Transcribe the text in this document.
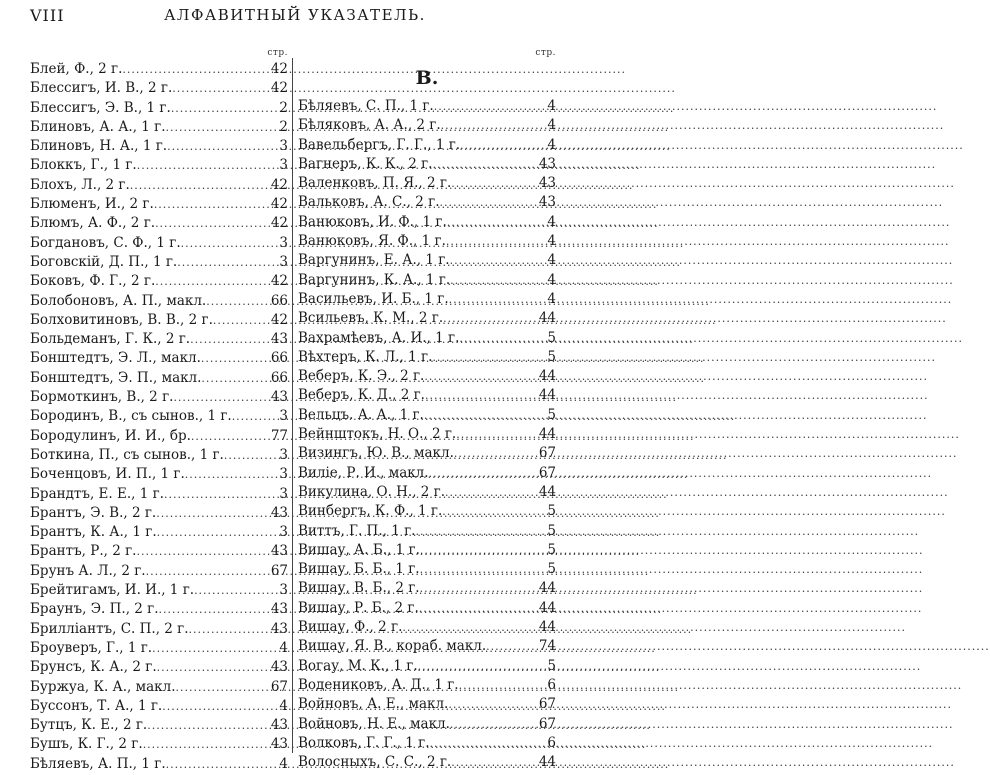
VIII	АЛФАВИТНЫЙ УКАЗАТЕЛЬ.
стр.
Блей, Ф., 2 г. .....	42
Блессигъ, И. В., 2 г. .....	42
Блессигъ, Э. В., 1 г. .....	2
Блиновъ, А. А., 1 г. .....	2
Блиновъ, Н. А., 1 г. .....	3
Блоккъ, Г., 1 г. .....	3
Блохъ, Л., 2 г. .....	42
Блюменъ, И., 2 г. .....	42
Блюмъ, А. Ф., 2 г. .....	42
Богдановъ, С. Ф., 1 г. .....	3
Боговскій, Д. П., 1 г. .....	3
Боковъ, Ф. Г., 2 г. .....	42
Болобоновъ, А. П., макл. .....	66
Болховитиновъ, В. В., 2 г. .....	42
Больдеманъ, Г. К., 2 г. .....	43
Бонштедтъ, Э. Л., макл. .....	66
Бонштедтъ, Э. П., макл. .....	66
Бормоткинъ, В., 2 г. .....	43
Бородинъ, В., съ сынов., 1 г. .....	3
Бородулинъ, И. И., бр. .....	77
Боткина, П., съ сынов., 1 г. .....	3
Боченцовъ, И. П., 1 г. .....	3
Брандтъ, Е. Е., 1 г. .....	3
Брантъ, Э. В., 2 г. .....	43
Брантъ, К. А., 1 г. .....	3
Брантъ, Р., 2 г. .....	43
Брунъ А. Л., 2 г. .....	67
Брейтигамъ, И. И., 1 г. .....	3
Браунъ, Э. П., 2 г. .....	43
Брилліантъ, С. П., 2 г. .....	43
Броуверъ, Г., 1 г. .....	4
Брунсъ, К. А., 2 г. .....	43
Буржуа, К. А., макл. .....	67
Буссонъ, Т. А., 1 г. .....	4
Бутцъ, К. Е., 2 г. .....	43
Бушъ, К. Г., 2 г. .....	43
Бѣляевъ, А. П., 1 г. .....	4
стр.
В.
Бѣляевъ, С. П., 1 г. .....	4
Бѣляковъ, А. А., 2 г. .....	4
Вавельбергъ, Г. Г., 1 г. .....	4
Вагнеръ, К. К., 2 г. .....	43
Валенковъ, П. Я., 2 г. .....	43
Вальковъ, А. С., 2 г. .....	43
Ванюковъ, И. Ф., 1 г. .....	4
Ванюковъ, Я. Ф., 1 г. .....	4
Варгунинъ, Е. А., 1 г. .....	4
Варгунинъ, К. А., 1 г. .....	4
Васильевъ, И. Б., 1 г. .....	4
Всильевъ, К. М., 2 г. .....	44
Вахрамѣевъ, А. И., 1 г. .....	5
Вѣхтеръ, К. Л., 1 г. .....	5
Веберъ, К. Э., 2 г. .....	44
Веберъ, К. Д., 2 г. .....	44
Вельцъ. А. А., 1 г. .....	5
Вейнштокъ, Н. О., 2 г. .....	44
Визингъ, Ю. В., макл. .....	67
Виліе, Р. И., макл. .....	67
Викулина, О. Н., 2 г. .....	44
Винбергъ, К. Ф., 1 г. .....	5
Виттъ, Г. П., 1 г. .....	5
Вишау, А. Б., 1 г. .....	5
Вишау, Б. Б., 1 г. .....	5
Вишау, В. Б., 2 г. .....	44
Вишау, Р. Б., 2 г. .....	44
Вишау, Ф., 2 г. .....	44
Вишау, Я. В., кораб. макл. .....	74
Вогау, М. К., 1 г. .....	5
Водениковъ, А. Д., 1 г. .....	6
Войновъ, А. Е., макл. .....	67
Войновъ, Н. Е., макл. .....	67
Волковъ, Г. Г., 1 г. .....	6
Волосныхъ, С. С., 2 г. .....	44
